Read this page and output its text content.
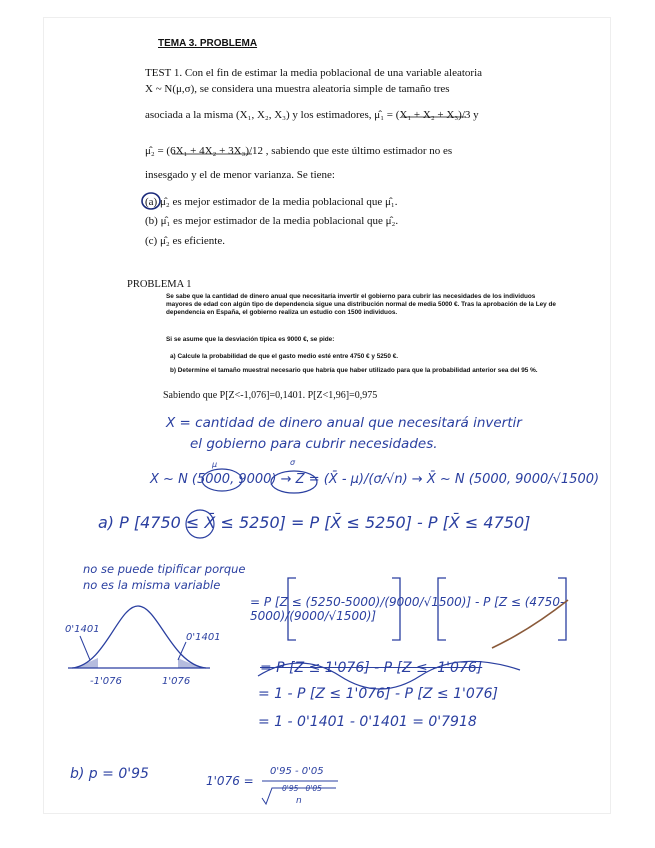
TEMA 3. PROBLEMA
TEST 1. Con el fin de estimar la media poblacional de una variable aleatoria
X ~ N(μ,σ), se considera una muestra aleatoria simple de tamaño tres
asociada a la misma (X₁, X₂, X₃) y los estimadores, μ̂₁ = (X₁ + X₂ + X₃)/3 y
μ̂₂ = (6X₁ + 4X₂ + 3X₃)/12 , sabiendo que este último estimador no es
insesgado y el de menor varianza. Se tiene:
(a) μ̂₂ es mejor estimador de la media poblacional que μ̂₁.
(b) μ̂₁ es mejor estimador de la media poblacional que μ̂₂.
(c) μ̂₂ es eficiente.
PROBLEMA 1
Se sabe que la cantidad de dinero anual que necesitaría invertir el gobierno para cubrir las necesidades de los individuos mayores de edad con algún tipo de dependencia sigue una distribución normal de media 5000 €. Tras la aprobación de la Ley de dependencia en España, el gobierno realiza un estudio con 1500 individuos.
Si se asume que la desviación típica es 9000 €, se pide:
a) Calcule la probabilidad de que el gasto medio esté entre 4750 € y 5250 €.
b) Determine el tamaño muestral necesario que habría que haber utilizado para que la probabilidad anterior sea del 95 %.
Sabiendo que P[Z<-1,076]=0,1401. P[Z<1,96]=0,975
X = cantidad de dinero anual que necesitará invertir
el gobierno para cubrir necesidades.
μ	σ
X ~ N (5000, 9000) → Z = (X̄ - μ)/(σ/√n) → X̄ ~ N (5000, 9000/√1500)
a) P [4750 ≤ X̄ ≤ 5250] = P [X̄ ≤ 5250] - P [X̄ ≤ 4750]
no se puede tipificar porque
no es la misma variable
= P [Z ≤ (5250-5000)/(9000/√1500)] - P [Z ≤ (4750-5000)/(9000/√1500)]
= P [Z ≤ 1'076] - P [Z ≤ -1'076]
= 1 - P [Z ≤ 1'076] - P [Z ≤ 1'076]
= 1 - 0'1401 - 0'1401 = 0'7918
0'1401
0'1401
-1'076	1'076
b) p = 0'95	1'076 =
0'95 - 0'05
0'95 · 0'05
n
